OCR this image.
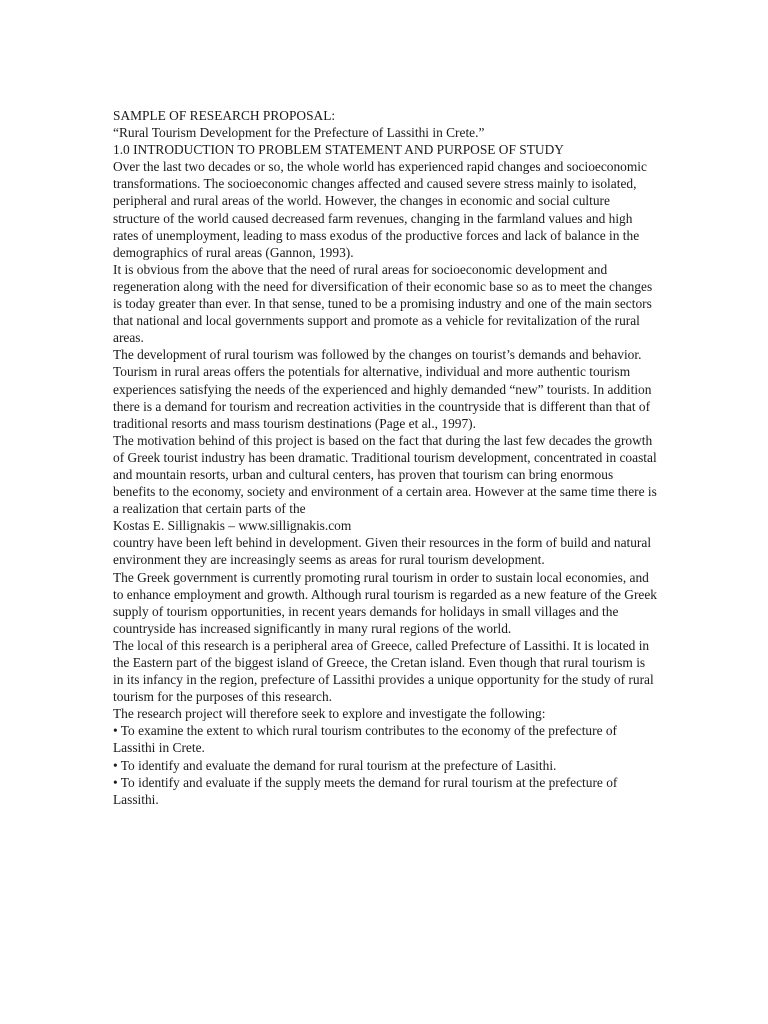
SAMPLE OF RESEARCH PROPOSAL:
“Rural Tourism Development for the Prefecture of Lassithi in Crete.”
1.0 INTRODUCTION TO PROBLEM STATEMENT AND PURPOSE OF STUDY
Over the last two decades or so, the whole world has experienced rapid changes and socioeconomic transformations. The socioeconomic changes affected and caused severe stress mainly to isolated, peripheral and rural areas of the world. However, the changes in economic and social culture structure of the world caused decreased farm revenues, changing in the farmland values and high rates of unemployment, leading to mass exodus of the productive forces and lack of balance in the demographics of rural areas (Gannon, 1993).
It is obvious from the above that the need of rural areas for socioeconomic development and regeneration along with the need for diversification of their economic base so as to meet the changes is today greater than ever. In that sense, tuned to be a promising industry and one of the main sectors that national and local governments support and promote as a vehicle for revitalization of the rural areas.
The development of rural tourism was followed by the changes on tourist’s demands and behavior. Tourism in rural areas offers the potentials for alternative, individual and more authentic tourism experiences satisfying the needs of the experienced and highly demanded “new” tourists. In addition there is a demand for tourism and recreation activities in the countryside that is different than that of traditional resorts and mass tourism destinations (Page et al., 1997).
The motivation behind of this project is based on the fact that during the last few decades the growth of Greek tourist industry has been dramatic. Traditional tourism development, concentrated in coastal and mountain resorts, urban and cultural centers, has proven that tourism can bring enormous benefits to the economy, society and environment of a certain area. However at the same time there is a realization that certain parts of the
Kostas E. Sillignakis – www.sillignakis.com
country have been left behind in development. Given their resources in the form of build and natural environment they are increasingly seems as areas for rural tourism development.
The Greek government is currently promoting rural tourism in order to sustain local economies, and to enhance employment and growth. Although rural tourism is regarded as a new feature of the Greek supply of tourism opportunities, in recent years demands for holidays in small villages and the countryside has increased significantly in many rural regions of the world.
The local of this research is a peripheral area of Greece, called Prefecture of Lassithi. It is located in the Eastern part of the biggest island of Greece, the Cretan island. Even though that rural tourism is in its infancy in the region, prefecture of Lassithi provides a unique opportunity for the study of rural tourism for the purposes of this research.
The research project will therefore seek to explore and investigate the following:
• To examine the extent to which rural tourism contributes to the economy of the prefecture of Lassithi in Crete.
• To identify and evaluate the demand for rural tourism at the prefecture of Lasithi.
• To identify and evaluate if the supply meets the demand for rural tourism at the prefecture of Lassithi.
